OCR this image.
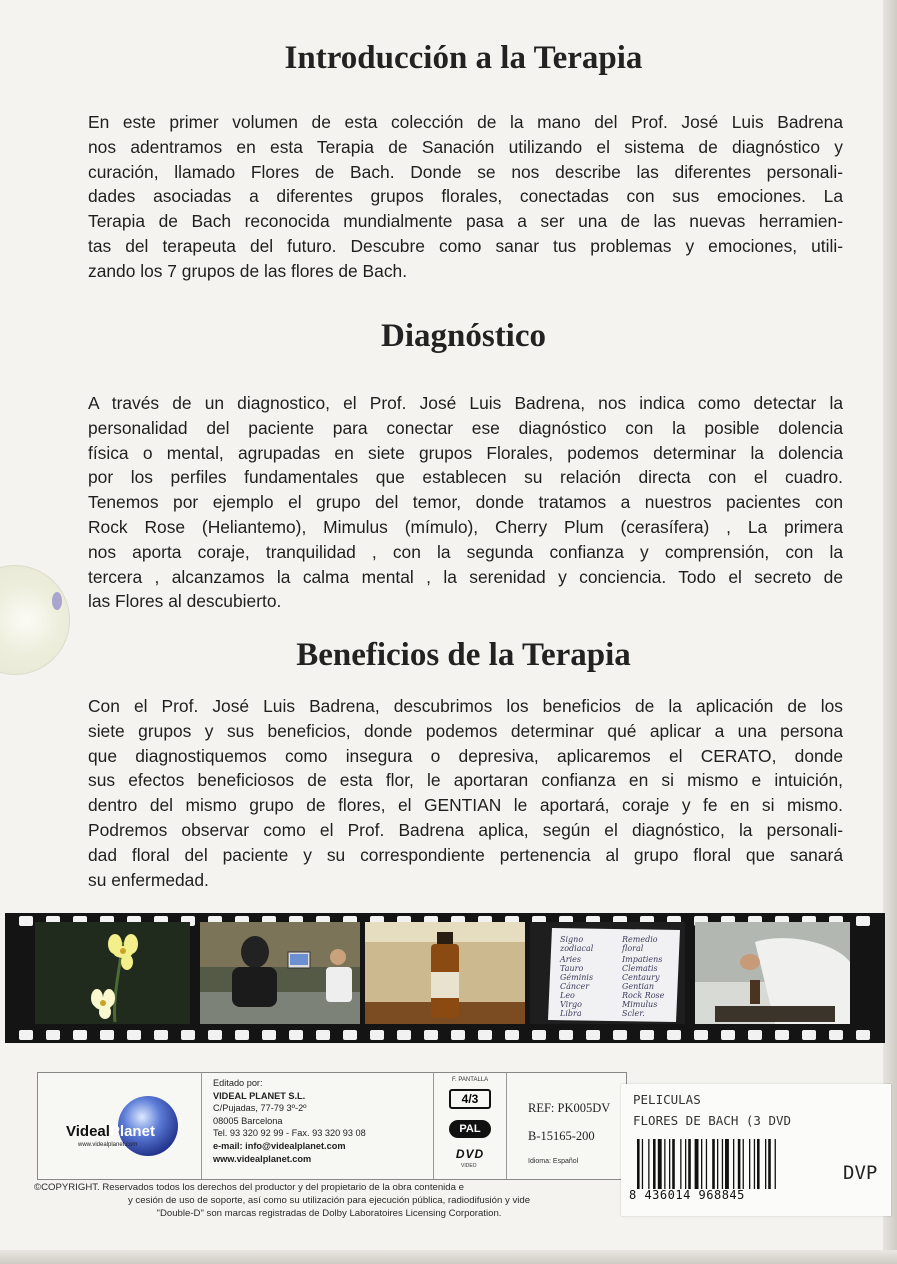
Introducción a la Terapia
En este primer volumen de esta colección de la mano del Prof. José Luis Badrena
nos adentramos en esta Terapia de Sanación utilizando el sistema de diagnóstico y
curación, llamado Flores de Bach. Donde se nos describe las diferentes personali-
dades asociadas a diferentes grupos florales, conectadas con sus emociones. La
Terapia de Bach reconocida mundialmente pasa a ser una de las nuevas herramien-
tas del terapeuta del futuro. Descubre como sanar tus problemas y emociones, utili-
zando los 7 grupos de las flores de Bach.
Diagnóstico
A través de un diagnostico, el Prof. José Luis Badrena, nos indica como detectar la
personalidad del paciente para conectar ese diagnóstico con la posible dolencia
física o mental, agrupadas en siete grupos Florales, podemos determinar la dolencia
por los perfiles fundamentales que establecen su relación directa con el cuadro.
Tenemos por ejemplo el grupo del temor, donde tratamos a nuestros pacientes con
Rock Rose (Heliantemo), Mimulus (mímulo), Cherry Plum (cerasífera) , La primera
nos aporta coraje, tranquilidad , con la segunda confianza y comprensión, con la
tercera , alcanzamos la calma mental , la serenidad y conciencia. Todo el secreto de
las Flores al descubierto.
Beneficios de la Terapia
Con el Prof. José Luis Badrena, descubrimos los beneficios de la aplicación de los
siete grupos y sus beneficios, donde podemos determinar qué aplicar a una persona
que diagnostiquemos como insegura o depresiva, aplicaremos el CERATO, donde
sus efectos beneficiosos de esta flor, le aportaran confianza en si mismo e intuición,
dentro del mismo grupo de flores, el GENTIAN le aportará, coraje y fe en si mismo.
Podremos observar como el Prof. Badrena aplica, según el diagnóstico, la personali-
dad floral del paciente y su correspondiente pertenencia al grupo floral que sanará
su enfermedad.
Signo
zodiacal
Aries
Tauro
Géminis
Cáncer
Leo
Virgo
Libra
Remedio
floral
Impatiens
Clematis
Centaury
Gentian
Rock Rose
Mimulus
Scler.
VidealPlanet
www.videalplanet.com
Editado por:
VIDEAL PLANET S.L.
C/Pujadas, 77-79 3º-2º
08005 Barcelona
Tel. 93 320 92 99 - Fax. 93 320 93 08
e-mail: info@videalplanet.com
www.videalplanet.com
F. PANTALLA
4/3
PAL
DVD
VIDEO
REF: PK005DV
B-15165-200
Idioma: Español
PELICULAS
FLORES DE BACH (3 DVD
8 436014 968845
DVP
©COPYRIGHT. Reservados todos los derechos del productor y del propietario de la obra contenida e
y cesión de uso de soporte, así como su utilización para ejecución pública, radiodifusión y vide
"Double-D" son marcas registradas de Dolby Laboratoires Licensing Corporation.
